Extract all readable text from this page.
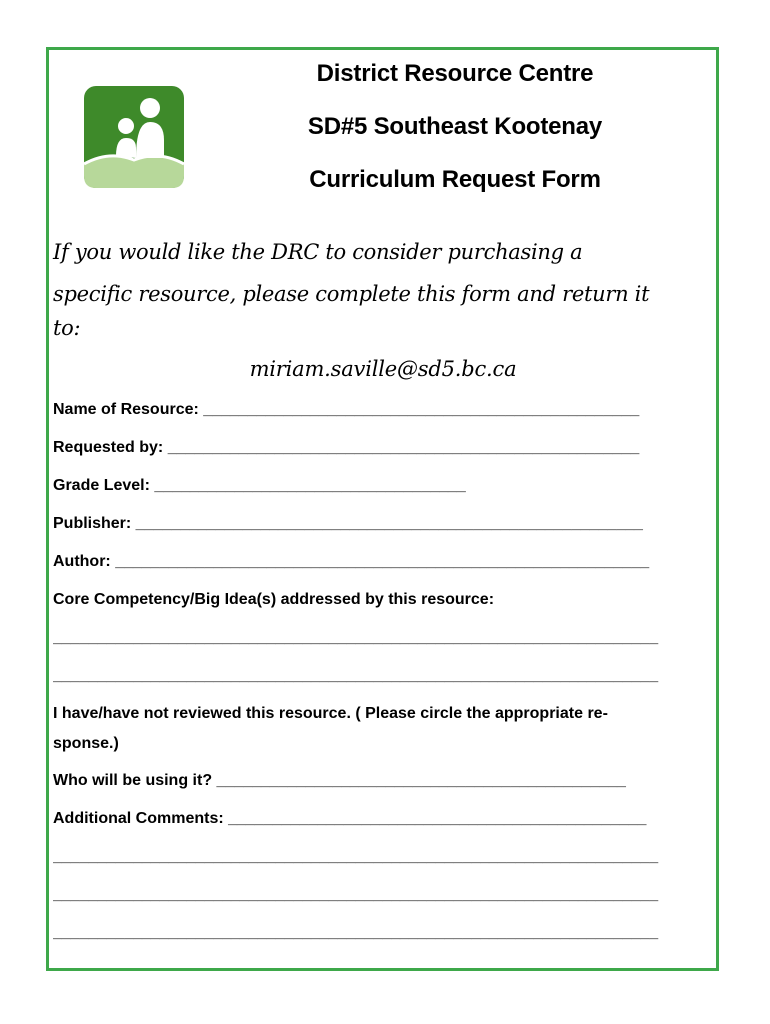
District Resource Centre
SD#5 Southeast Kootenay
Curriculum Request Form
If you would like the DRC to consider purchasing a
specific resource, please complete this form and return it
to:
miriam.saville@sd5.bc.ca
Name of Resource: _________________________________________________
Requested by: _____________________________________________________
Grade Level: ___________________________________
Publisher: _________________________________________________________
Author: ____________________________________________________________
Core Competency/Big Idea(s) addressed by this resource:
____________________________________________________________________
____________________________________________________________________
I have/have not reviewed this resource. ( Please circle the appropriate re-
sponse.)
Who will be using it? ______________________________________________
Additional Comments: _______________________________________________
____________________________________________________________________
____________________________________________________________________
____________________________________________________________________
